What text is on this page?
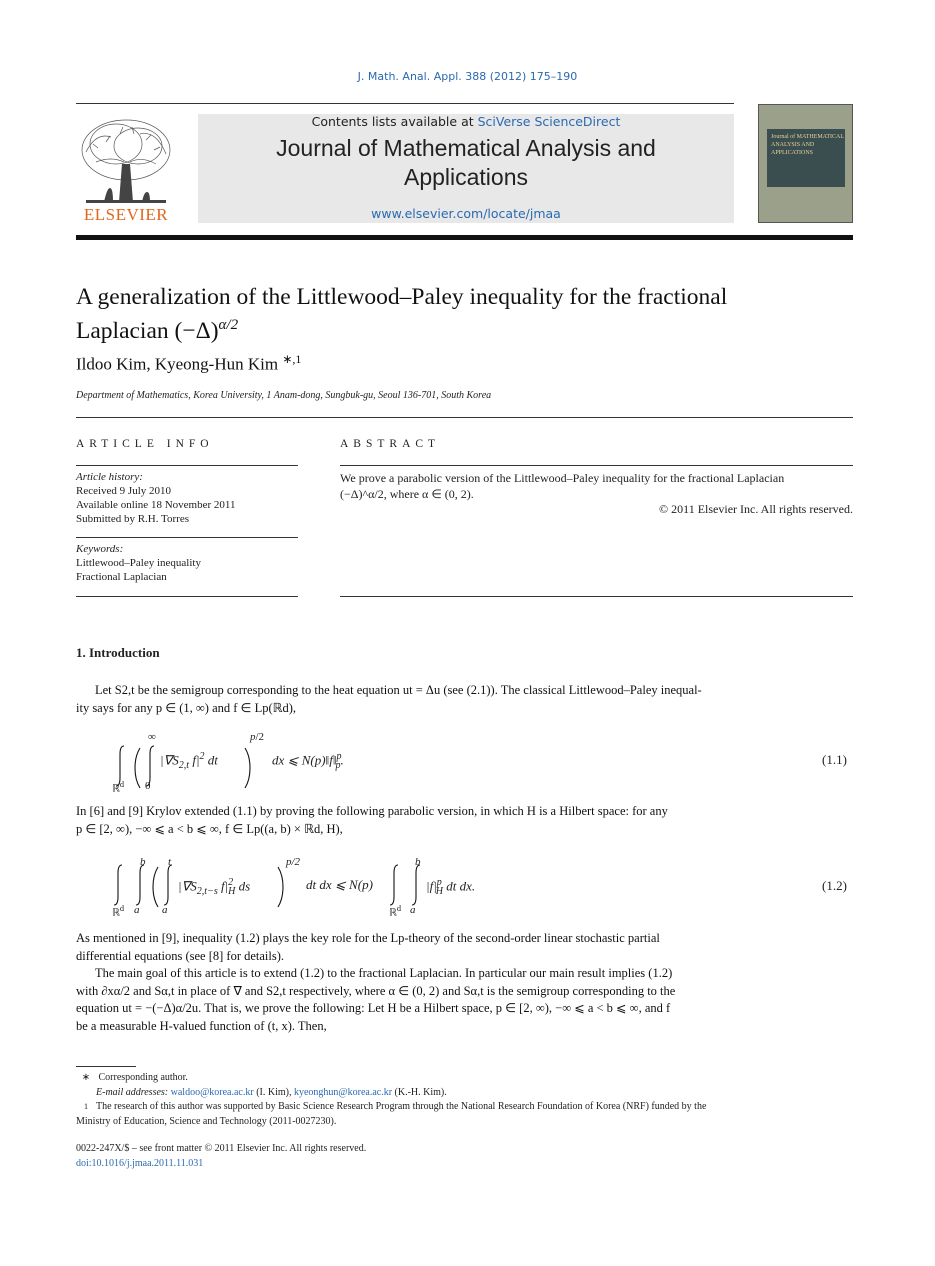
J. Math. Anal. Appl. 388 (2012) 175–190
ELSEVIER
Contents lists available at SciVerse ScienceDirect
Journal of Mathematical Analysis and
Applications
www.elsevier.com/locate/jmaa
Journal of MATHEMATICAL ANALYSIS AND APPLICATIONS
A generalization of the Littlewood–Paley inequality for the fractional
Laplacian $(-\Delta)^{\alpha/2}$
Ildoo Kim, Kyeong-Hun Kim $^{∗,1}$
Department of Mathematics, Korea University, 1 Anam-dong, Sungbuk-gu, Seoul 136-701, South Korea
ARTICLE INFO	ABSTRACT
Article history:
Received 9 July 2010
Available online 18 November 2011
Submitted by R.H. Torres
Keywords:
Littlewood–Paley inequality
Fractional Laplacian
We prove a parabolic version of the Littlewood–Paley inequality for the fractional Laplacian
(−Δ)^α/2, where α ∈ (0, 2).
© 2011 Elsevier Inc. All rights reserved.
1. Introduction
Let S2,t be the semigroup corresponding to the heat equation ut = Δu (see (2.1)). The classical Littlewood–Paley inequal-
ity says for any p ∈ (1, ∞) and f ∈ Lp(ℝd),
∞
0
ℝ$^d$
$|\nabla S_{2,t}$ $f|^2$ dt
p/2
dx ⩽ N(p)‖f‖$^p_p$.	(1.1)
In [6] and [9] Krylov extended (1.1) by proving the following parabolic version, in which H is a Hilbert space: for any
p ∈ [2, ∞), −∞ ⩽ a < b ⩽ ∞, f ∈ Lp((a, b) × ℝd, H),
b t
ℝ$^d$ a a
$|\nabla S_{2,t-s}$ $f|^2_H$ ds
p/2
dt dx ⩽ N(p)
b
ℝ$^d$ a
$|f|^p_H$ dt dx.	(1.2)
As mentioned in [9], inequality (1.2) plays the key role for the Lp-theory of the second-order linear stochastic partial
differential equations (see [8] for details).
The main goal of this article is to extend (1.2) to the fractional Laplacian. In particular our main result implies (1.2)
with ∂xα/2 and Sα,t in place of ∇ and S2,t respectively, where α ∈ (0, 2) and Sα,t is the semigroup corresponding to the
equation ut = −(−Δ)α/2u. That is, we prove the following: Let H be a Hilbert space, p ∈ [2, ∞), −∞ ⩽ a < b ⩽ ∞, and f
be a measurable H-valued function of (t, x). Then,
∗ Corresponding author.
E-mail addresses: waldoo@korea.ac.kr (I. Kim), kyeonghun@korea.ac.kr (K.-H. Kim).
1 The research of this author was supported by Basic Science Research Program through the National Research Foundation of Korea (NRF) funded by the
Ministry of Education, Science and Technology (2011-0027230).
0022-247X/$ – see front matter © 2011 Elsevier Inc. All rights reserved.
doi:10.1016/j.jmaa.2011.11.031
